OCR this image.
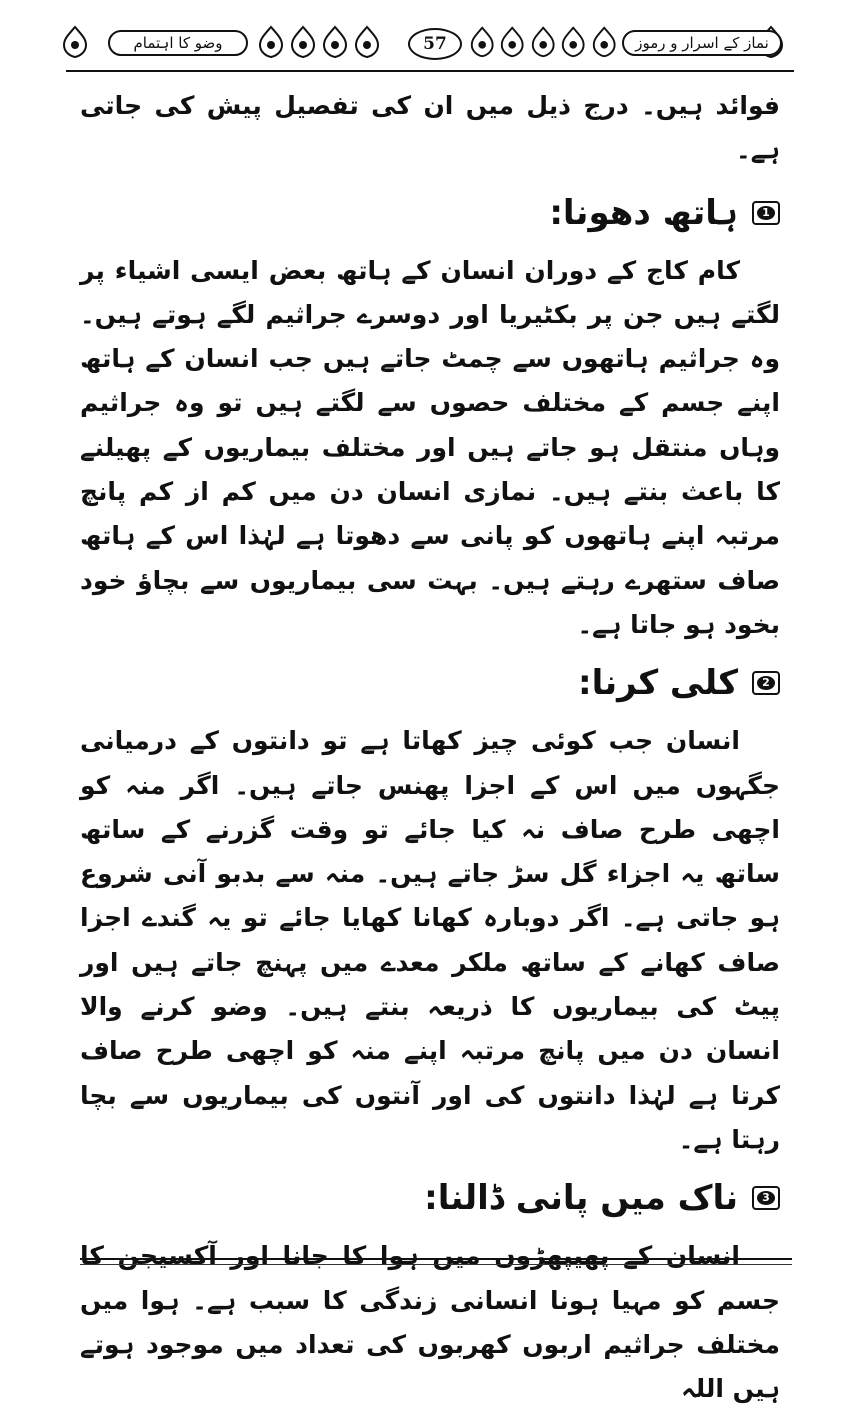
نماز کے اسرار و رموز
57
وضو کا اہتمام

فوائد ہیں۔ درج ذیل میں ان کی تفصیل پیش کی جاتی ہے۔

1
ہاتھ دھونا:

کام کاج کے دوران انسان کے ہاتھ بعض ایسی اشیاء پر لگتے ہیں جن پر بکٹیریا اور دوسرے جراثیم لگے ہوتے ہیں۔ وہ جراثیم ہاتھوں سے چمٹ جاتے ہیں جب انسان کے ہاتھ اپنے جسم کے مختلف حصوں سے لگتے ہیں تو وہ جراثیم وہاں منتقل ہو جاتے ہیں اور مختلف بیماریوں کے پھیلنے کا باعث بنتے ہیں۔ نمازی انسان دن میں کم از کم پانچ مرتبہ اپنے ہاتھوں کو پانی سے دھوتا ہے لہٰذا اس کے ہاتھ صاف ستھرے رہتے ہیں۔ بہت سی بیماریوں سے بچاؤ خود بخود ہو جاتا ہے۔

2
کلی کرنا:

انسان جب کوئی چیز کھاتا ہے تو دانتوں کے درمیانی جگہوں میں اس کے اجزا پھنس جاتے ہیں۔ اگر منہ کو اچھی طرح صاف نہ کیا جائے تو وقت گزرنے کے ساتھ ساتھ یہ اجزاء گل سڑ جاتے ہیں۔ منہ سے بدبو آنی شروع ہو جاتی ہے۔ اگر دوبارہ کھانا کھایا جائے تو یہ گندے اجزا صاف کھانے کے ساتھ ملکر معدے میں پہنچ جاتے ہیں اور پیٹ کی بیماریوں کا ذریعہ بنتے ہیں۔ وضو کرنے والا انسان دن میں پانچ مرتبہ اپنے منہ کو اچھی طرح صاف کرتا ہے لہٰذا دانتوں کی اور آنتوں کی بیماریوں سے بچا رہتا ہے۔

3
ناک میں پانی ڈالنا:

انسان کے پھیپھڑوں میں ہوا کا جانا اور آکسیجن کا جسم کو مہیا ہونا انسانی زندگی کا سبب ہے۔ ہوا میں مختلف جراثیم اربوں کھربوں کی تعداد میں موجود ہوتے ہیں اللہ
